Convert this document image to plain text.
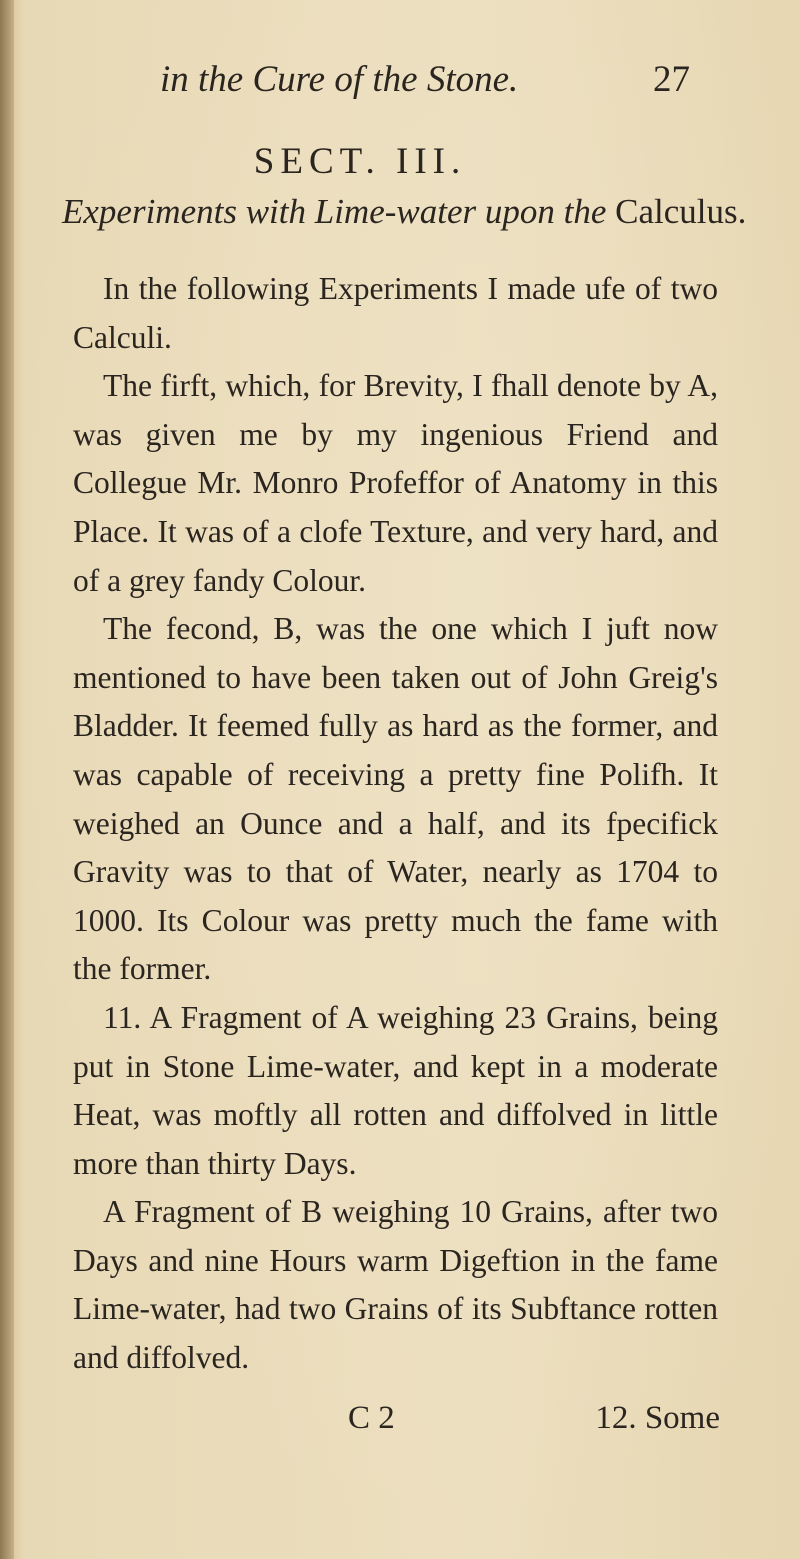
in the Cure of the Stone.	27
SECT. III.
Experiments with Lime-water upon the Calculus.

In the following Experiments I made ufe of two Calculi.

The firft, which, for Brevity, I fhall denote by A, was given me by my ingenious Friend and Collegue Mr. Monro Profeffor of Anatomy in this Place. It was of a clofe Texture, and very hard, and of a grey fandy Colour.

The fecond, B, was the one which I juft now mentioned to have been taken out of John Greig's Bladder. It feemed fully as hard as the former, and was capable of receiving a pretty fine Polifh. It weighed an Ounce and a half, and its fpecifick Gravity was to that of Water, nearly as 1704 to 1000. Its Colour was pretty much the fame with the former.

11. A Fragment of A weighing 23 Grains, being put in Stone Lime-water, and kept in a moderate Heat, was moftly all rotten and diffolved in little more than thirty Days.

A Fragment of B weighing 10 Grains, after two Days and nine Hours warm Digeftion in the fame Lime-water, had two Grains of its Subftance rotten and diffolved.

C 2	12. Some
